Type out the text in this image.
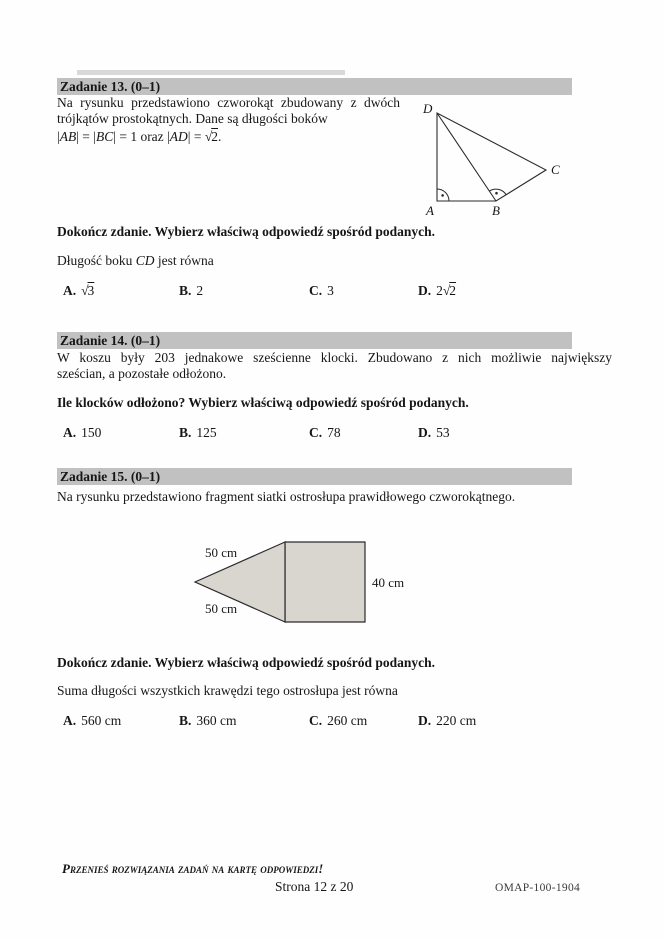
Zadanie 13. (0–1)
Na rysunku przedstawiono czworokąt zbudowany z dwóch
trójkątów prostokątnych. Dane są długości boków
|AB| = |BC| = 1 oraz |AD| = √2.
D
A	B
C
Dokończ zdanie. Wybierz właściwą odpowiedź spośród podanych.
Długość boku CD jest równa
A. √3	B. 2	C. 3	D. 2√2
Zadanie 14. (0–1)
W koszu były 203 jednakowe sześcienne klocki. Zbudowano z nich możliwie największy
sześcian, a pozostałe odłożono.
Ile klocków odłożono? Wybierz właściwą odpowiedź spośród podanych.
A. 150	B. 125	C. 78	D. 53
Zadanie 15. (0–1)
Na rysunku przedstawiono fragment siatki ostrosłupa prawidłowego czworokątnego.
50 cm
50 cm
40 cm
Dokończ zdanie. Wybierz właściwą odpowiedź spośród podanych.
Suma długości wszystkich krawędzi tego ostrosłupa jest równa
A. 560 cm	B. 360 cm	C. 260 cm	D. 220 cm
Przenieś rozwiązania zadań na kartę odpowiedzi!
Strona 12 z 20	OMAP-100-1904
